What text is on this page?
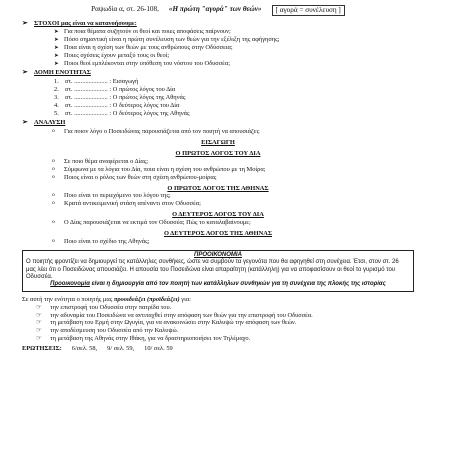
Ραψωδία α, στ. 26-108, «Η πρώτη "αγορά" των θεών»	[ αγορά = συνέλευση ]
➢ ΣΤΟΧΟΙ μας είναι να κατανοήσουμε:
➤ Για ποια θέματα συζητούν οι θεοί και ποιες αποφάσεις παίρνουν;
➤ Πόσο σημαντική είναι η πρώτη συνέλευση των θεών για την εξέλιξη της αφήγησης;
➤ Ποια είναι η σχέση των θεών με τους ανθρώπους στην Οδύσσεια;
➤ Ποιες σχέσεις έχουν μεταξύ τους οι θεοί;
➤ Ποιοι θεοί εμπλέκονται στην υπόθεση του νόστου του Οδυσσέα;
➢ ΔΟΜΗ ΕΝΟΤΗΤΑΣ
1. στ. ..................... : Εισαγωγή
2. στ. ..................... : Ο πρώτος λόγος του Δία
3. στ. ..................... : Ο πρώτος λόγος της Αθηνάς
4. στ. ..................... : Ο δεύτερος λόγος του Δία
5. στ. ..................... : Ο δεύτερος λόγος της Αθηνάς
➢ ΑΝΑΛΥΣΗ
o	Για ποιον λόγο ο Ποσειδώνας παρουσιάζεται από τον ποιητή να απουσιάζει;
ΕΙΣΑΓΩΓΗ
Ο ΠΡΩΤΟΣ ΛΟΓΟΣ ΤΟΥ ΔΙΑ
o	Σε ποιο θέμα αναφέρεται ο Δίας;
o	Σύμφωνα με τα λόγια του Δία, ποια είναι η σχέση του ανθρώπου με τη Μοίρα;
o	Ποιος είναι ο ρόλος των θεών στη σχέση ανθρώπου-μοίρας
Ο ΠΡΩΤΟΣ ΛΟΓΟΣ ΤΗΣ ΑΘΗΝΑΣ
o	Ποιο είναι το περιεχόμενο του λόγου της;
o	Κρατά αντικειμενική στάση απέναντι στον Οδυσσέα;
Ο ΔΕΥΤΕΡΟΣ ΛΟΓΟΣ ΤΟΥ ΔΙΑ
o	Ο Δίας παρουσιάζεται να εκτιμά τον Οδυσσέα; Πώς το καταλαβαίνουμε;
Ο ΔΕΥΤΕΡΟΣ ΛΟΓΟΣ ΤΗΣ ΑΘΗΝΑΣ
o	Ποιο είναι το σχέδιο της Αθηνάς;
ΠΡΟΟΙΚΟΝΟΜΙΑ
Ο ποιητής φροντίζει να δημιουργεί τις κατάλληλες συνθήκες, ώστε να συμβούν τα γεγονότα που θα αφηγηθεί στη συνέχεια. Έτσι, στον στ. 26 μας λέει ότι ο Ποσειδώνας απουσιάζει. Η απουσία του Ποσειδώνα είναι απαραίτητη (κατάλληλη) για να αποφασίσουν οι θεοί το γυρισμό του Οδυσσέα.
Προοικονομία είναι η δημιουργία από τον ποιητή των κατάλληλων συνθηκών για τη συνέχεια της πλοκής της ιστορίας
Σε αυτή την ενότητα ο ποιητής μας προοιδεάζει (προϊδεάζει) για:
☞	την επιστροφή του Οδυσσέα στην πατρίδα του.
☞	την αδυναμία του Ποσειδώνα να αντιταχθεί στην απόφαση των θεών για την επιστροφή του Οδυσσέα.
☞	τη μετάβαση του Ερμή στην Ωγυγία, για να ανακοινώσει στην Καλυψώ την απόφαση των θεών.
☞	την αποδέσμευση του Οδυσσέα από την Καλυψώ.
☞	τη μετάβαση της Αθηνάς στην Ιθάκη, για να δραστηριοποιήσει τον Τηλέμαχο.
ΕΡΩΤΗΣΕΙΣ: 6/σελ. 58, 9/ σελ. 59, 10/ σελ. 59
